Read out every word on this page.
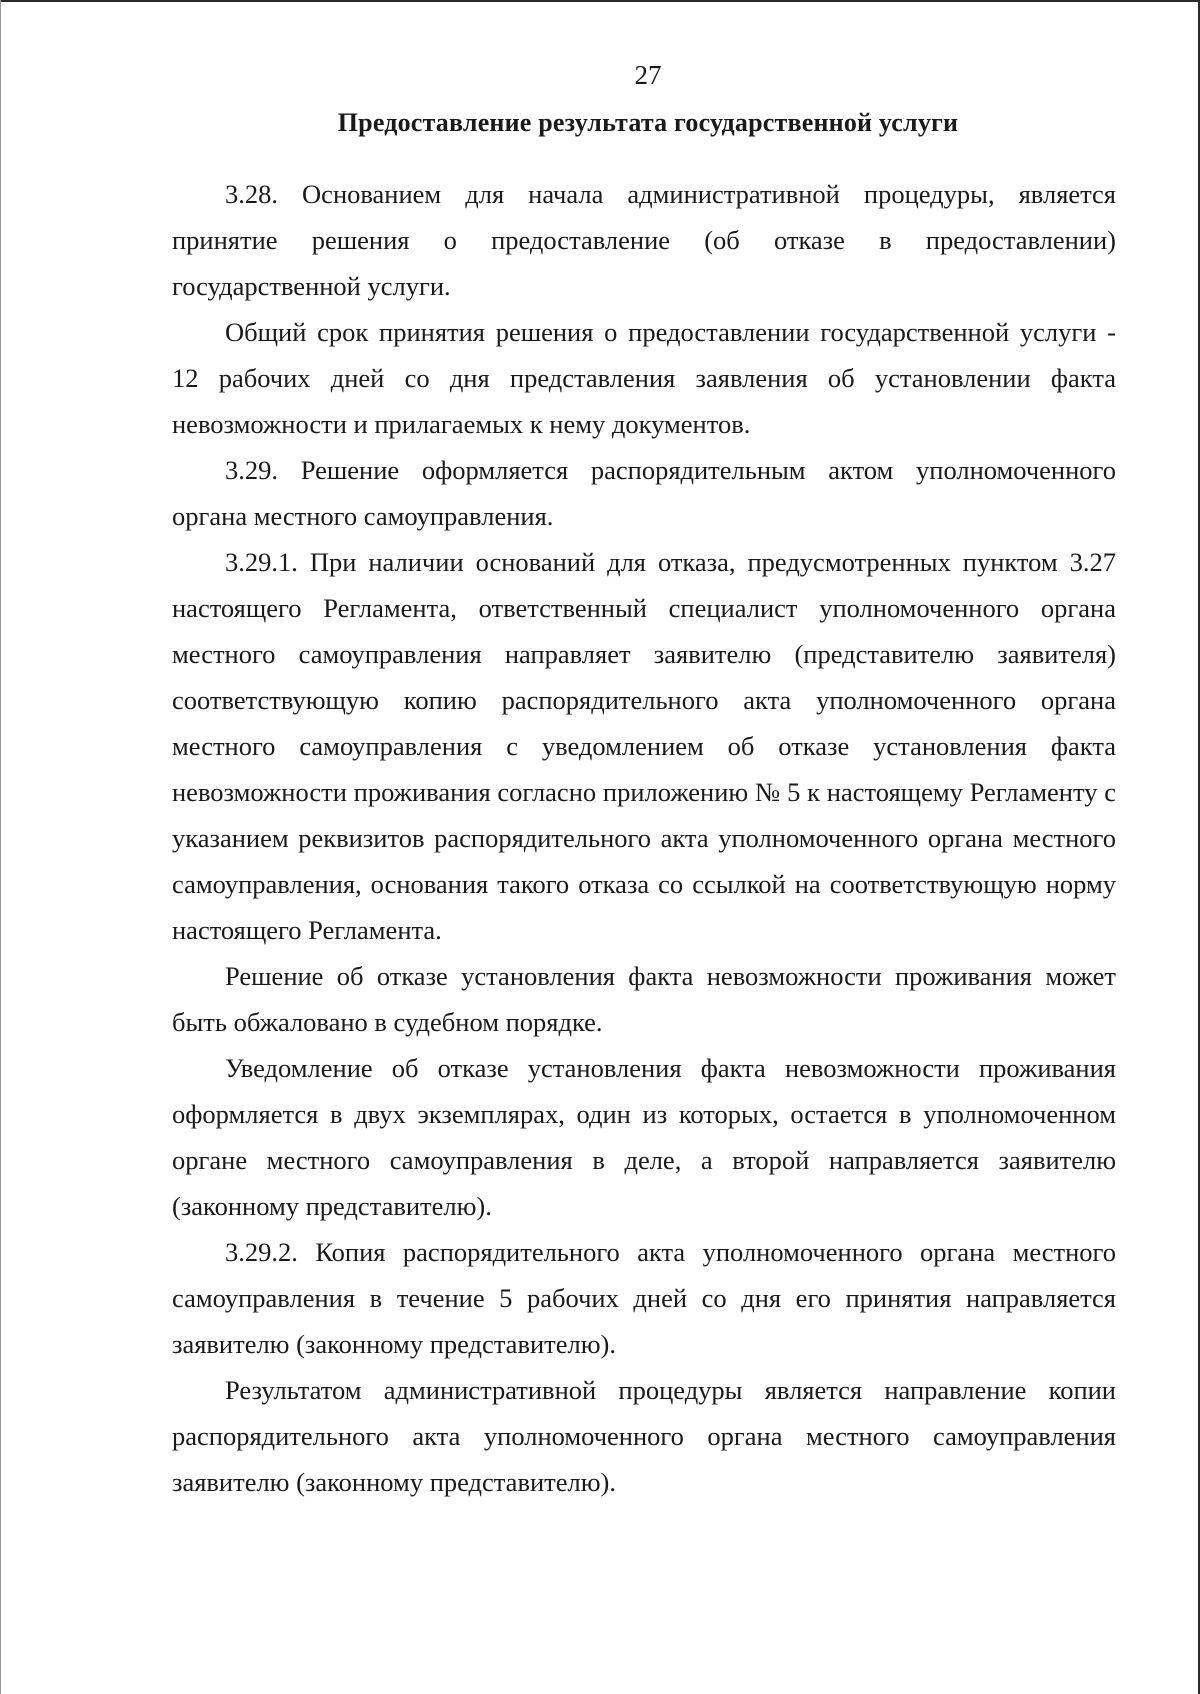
27
Предоставление результата государственной услуги

3.28. Основанием для начала административной процедуры, является принятие решения о предоставление (об отказе в предоставлении) государственной услуги.

Общий срок принятия решения о предоставлении государственной услуги - 12 рабочих дней со дня представления заявления об установлении факта невозможности и прилагаемых к нему документов.

3.29. Решение оформляется распорядительным актом уполномоченного органа местного самоуправления.

3.29.1. При наличии оснований для отказа, предусмотренных пунктом 3.27 настоящего Регламента, ответственный специалист уполномоченного органа местного самоуправления направляет заявителю (представителю заявителя) соответствующую копию распорядительного акта уполномоченного органа местного самоуправления с уведомлением об отказе установления факта невозможности проживания согласно приложению № 5 к настоящему Регламенту с указанием реквизитов распорядительного акта уполномоченного органа местного самоуправления, основания такого отказа со ссылкой на соответствующую норму настоящего Регламента.

Решение об отказе установления факта невозможности проживания может быть обжаловано в судебном порядке.

Уведомление об отказе установления факта невозможности проживания оформляется в двух экземплярах, один из которых, остается в уполномоченном органе местного самоуправления в деле, а второй направляется заявителю (законному представителю).

3.29.2. Копия распорядительного акта уполномоченного органа местного самоуправления в течение 5 рабочих дней со дня его принятия направляется заявителю (законному представителю).

Результатом административной процедуры является направление копии распорядительного акта уполномоченного органа местного самоуправления заявителю (законному представителю).
